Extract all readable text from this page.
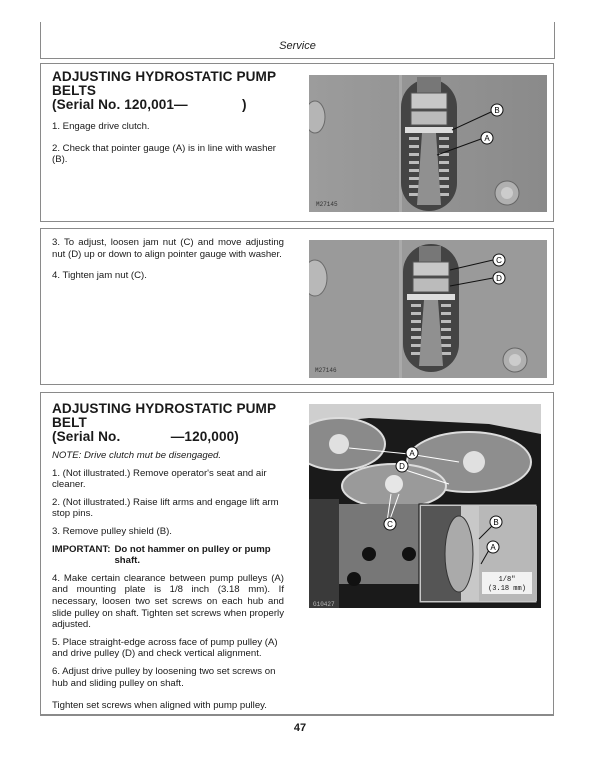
Service
ADJUSTING HYDROSTATIC PUMP BELTS
(Serial No. 120,001—              )

1. Engage drive clutch.

2. Check that pointer gauge (A) is in line with washer (B).

B
A
M27145

3. To adjust, loosen jam nut (C) and move adjusting nut (D) up or down to align pointer gauge with washer.

4. Tighten jam nut (C).

C
D
M27146
ADJUSTING HYDROSTATIC PUMP BELT
(Serial No.             —120,000)

NOTE: Drive clutch mut be disengaged.

1. (Not illustrated.) Remove operator's seat and air cleaner.

2. (Not illustrated.) Raise lift arms and engage lift arm stop pins.

3. Remove pulley shield (B).

IMPORTANT: Do not hammer on pulley or pump shaft.

4. Make certain clearance between pump pulleys (A) and mounting plate is 1/8 inch (3.18 mm). If necessary, loosen two set screws on each hub and slide pulley on shaft. Tighten set screws when properly adjusted.

5. Place straight-edge across face of pump pulley (A) and drive pulley (D) and check vertical alignment.

6. Adjust drive pulley by loosening two set screws on hub and sliding pulley on shaft.

Tighten set screws when aligned with pump pulley.

1/8"
(3.18 mm)
A
D
C	B
A
G10427
47
